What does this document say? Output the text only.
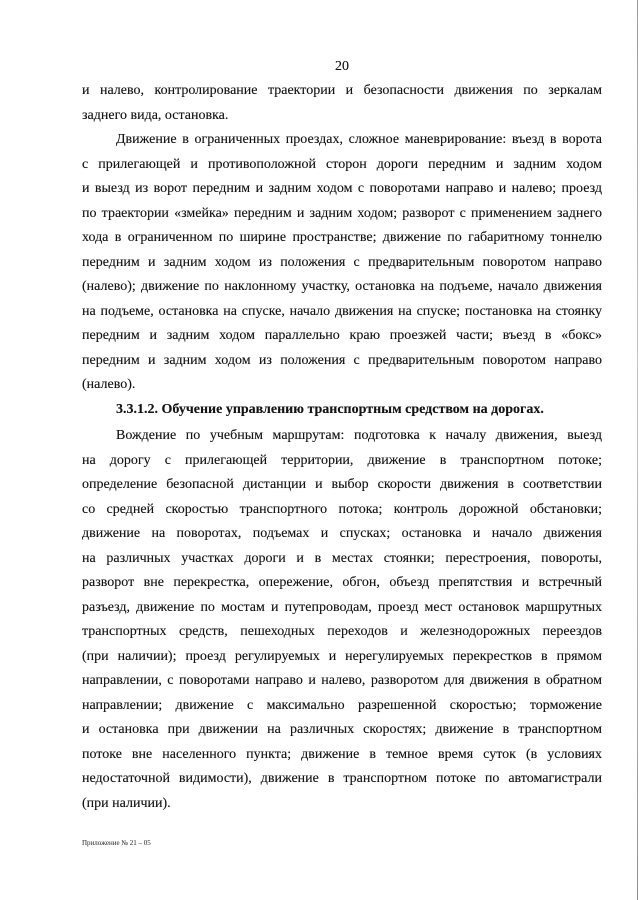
20
и налево, контролирование траектории и безопасности движения по зеркалам
заднего вида, остановка.
Движение в ограниченных проездах, сложное маневрирование: въезд в ворота
с прилегающей и противоположной сторон дороги передним и задним ходом
и выезд из ворот передним и задним ходом с поворотами направо и налево; проезд
по траектории «змейка» передним и задним ходом; разворот с применением заднего
хода в ограниченном по ширине пространстве; движение по габаритному тоннелю
передним и задним ходом из положения с предварительным поворотом направо
(налево); движение по наклонному участку, остановка на подъеме, начало движения
на подъеме, остановка на спуске, начало движения на спуске; постановка на стоянку
передним и задним ходом параллельно краю проезжей части; въезд в «бокс»
передним и задним ходом из положения с предварительным поворотом направо
(налево).
3.3.1.2. Обучение управлению транспортным средством на дорогах.
Вождение по учебным маршрутам: подготовка к началу движения, выезд
на дорогу с прилегающей территории, движение в транспортном потоке;
определение безопасной дистанции и выбор скорости движения в соответствии
со средней скоростью транспортного потока; контроль дорожной обстановки;
движение на поворотах, подъемах и спусках; остановка и начало движения
на различных участках дороги и в местах стоянки; перестроения, повороты,
разворот вне перекрестка, опережение, обгон, объезд препятствия и встречный
разъезд, движение по мостам и путепроводам, проезд мест остановок маршрутных
транспортных средств, пешеходных переходов и железнодорожных переездов
(при наличии); проезд регулируемых и нерегулируемых перекрестков в прямом
направлении, с поворотами направо и налево, разворотом для движения в обратном
направлении; движение с максимально разрешенной скоростью; торможение
и остановка при движении на различных скоростях; движение в транспортном
потоке вне населенного пункта; движение в темное время суток (в условиях
недостаточной видимости), движение в транспортном потоке по автомагистрали
(при наличии).
Приложение № 21 – 05
